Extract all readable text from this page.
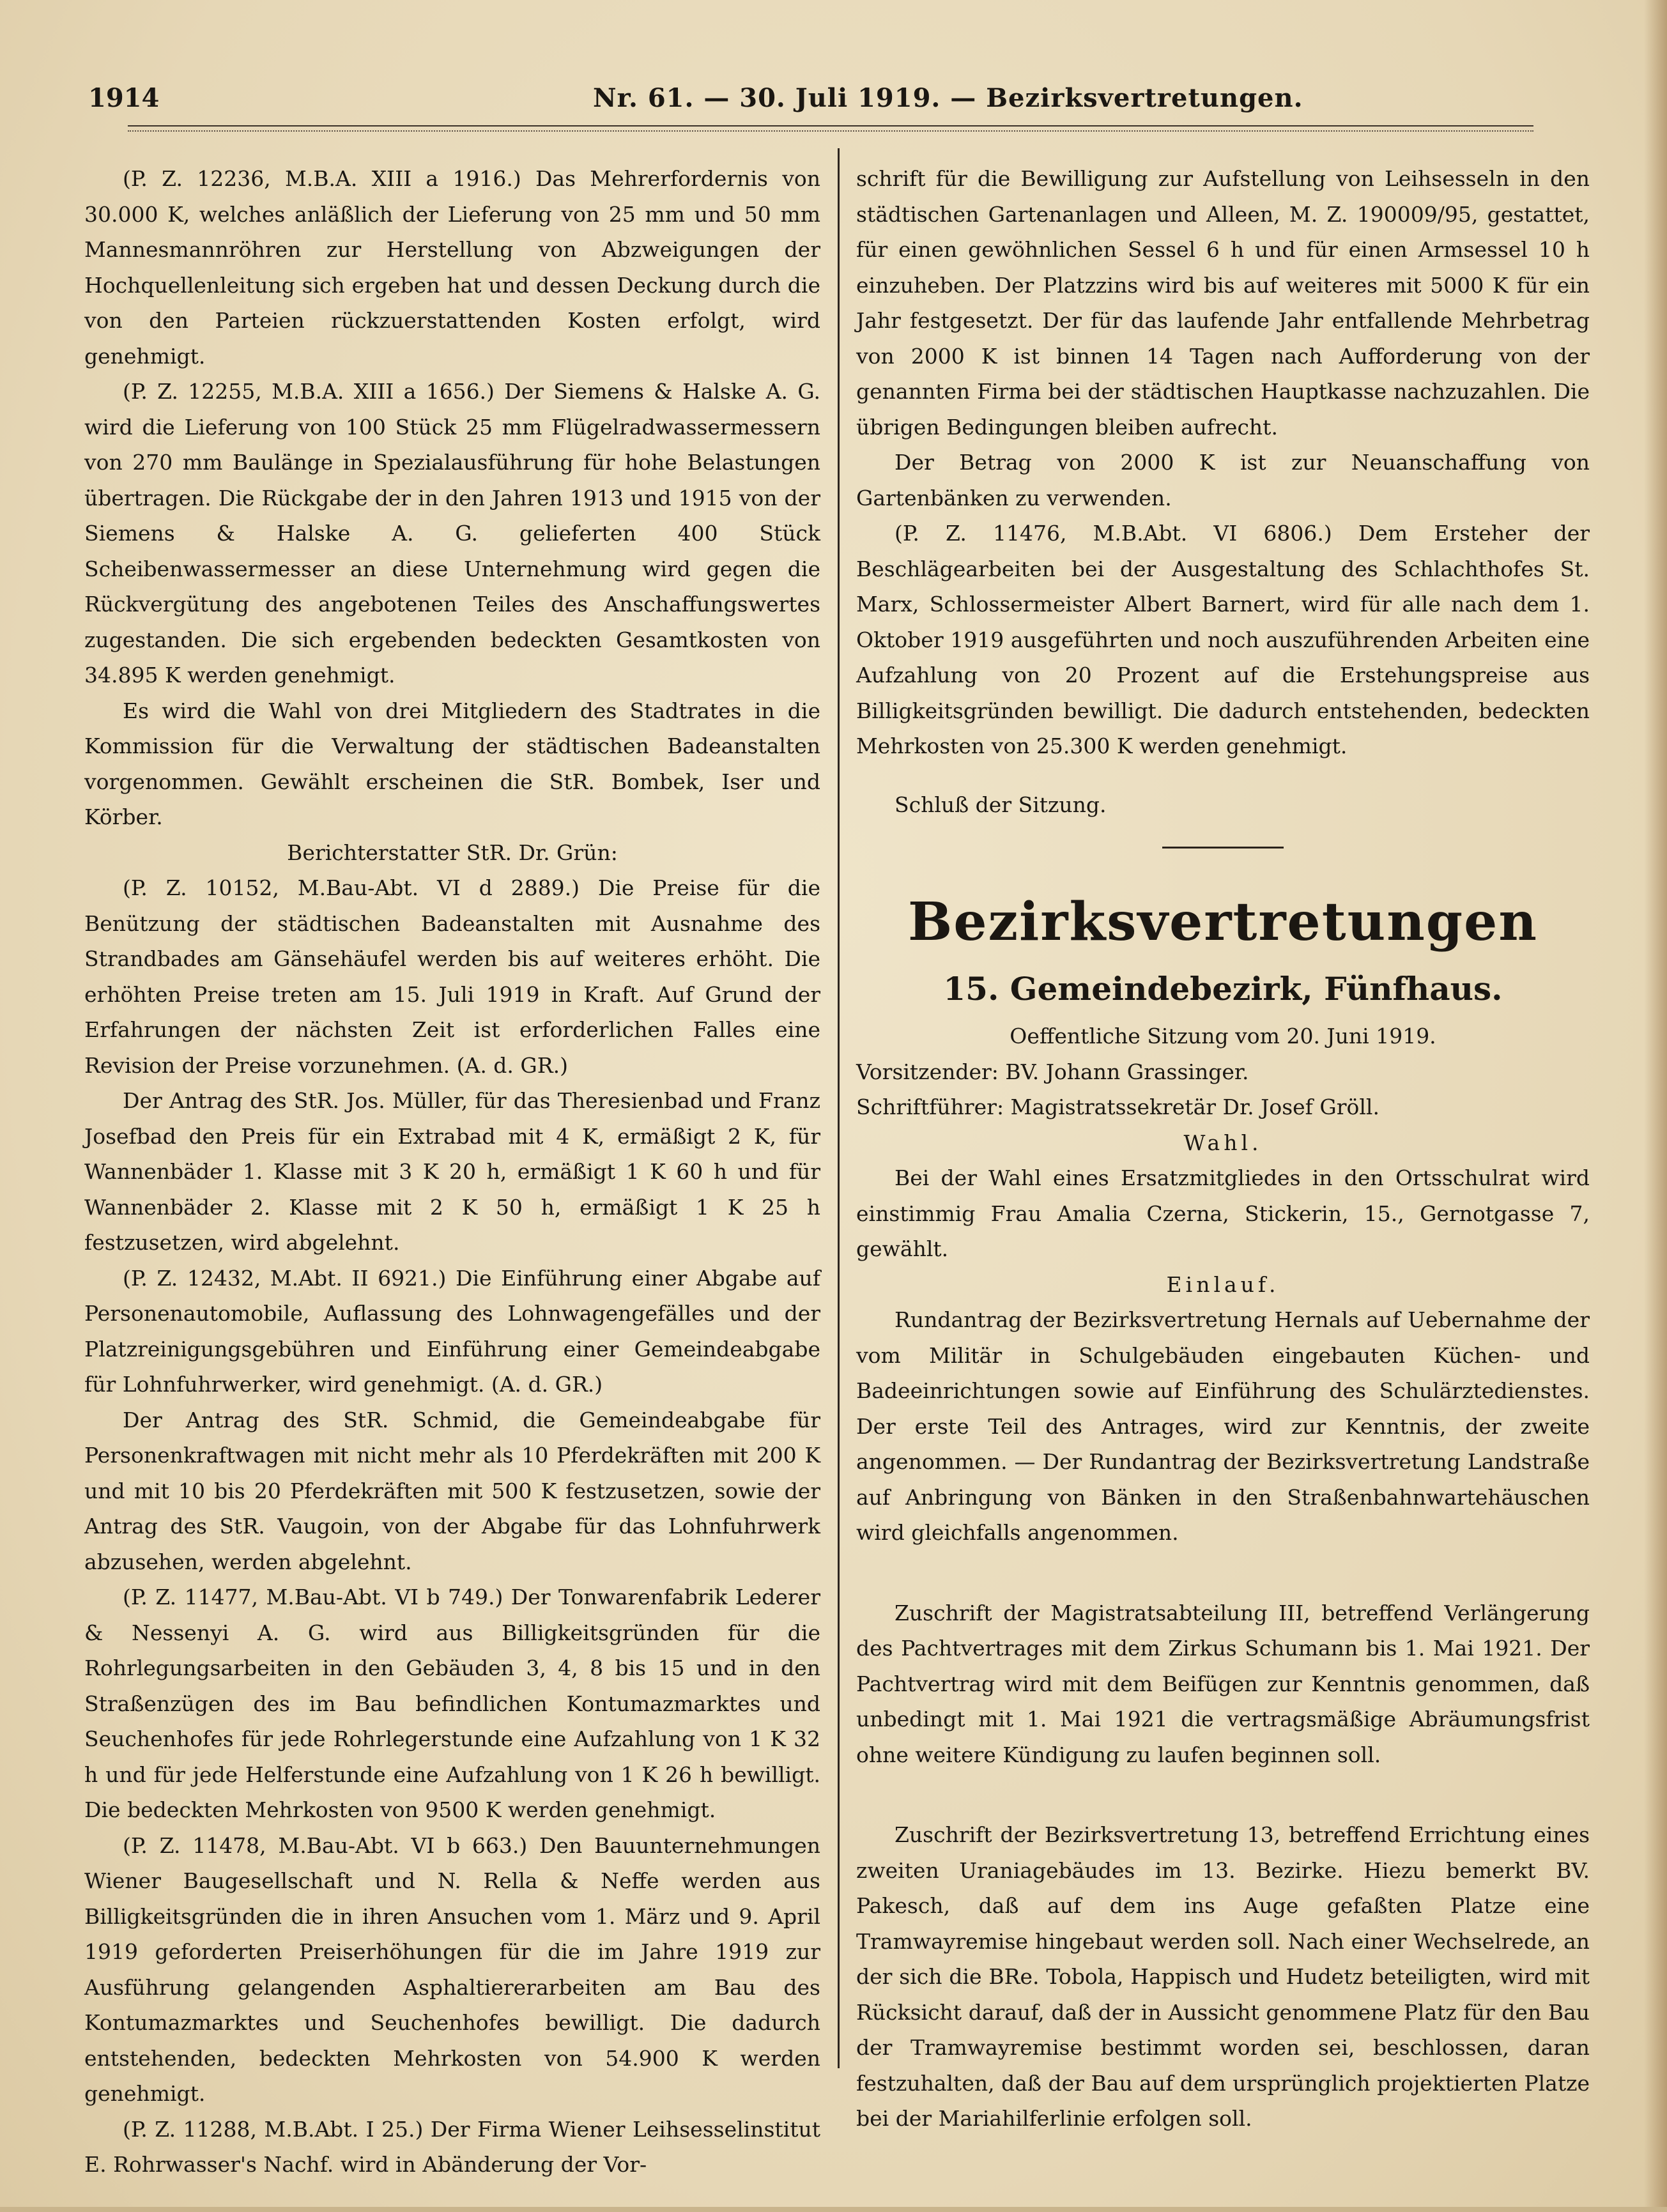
1914	Nr. 61. — 30. Juli 1919. — Bezirksvertretungen.

(P. Z. 12236, M.B.A. XIII a 1916.) Das Mehrerfordernis von 30.000 K, welches anläßlich der Lieferung von 25 mm und 50 mm Mannesmannröhren zur Herstellung von Abzweigungen der Hochquellenleitung sich ergeben hat und dessen Deckung durch die von den Parteien rückzuerstattenden Kosten erfolgt, wird genehmigt.

(P. Z. 12255, M.B.A. XIII a 1656.) Der Siemens & Halske A. G. wird die Lieferung von 100 Stück 25 mm Flügelradwassermessern von 270 mm Baulänge in Spezialausführung für hohe Belastungen übertragen. Die Rückgabe der in den Jahren 1913 und 1915 von der Siemens & Halske A. G. gelieferten 400 Stück Scheibenwassermesser an diese Unternehmung wird gegen die Rückvergütung des angebotenen Teiles des Anschaffungswertes zugestanden. Die sich ergebenden bedeckten Gesamtkosten von 34.895 K werden genehmigt.

Es wird die Wahl von drei Mitgliedern des Stadtrates in die Kommission für die Verwaltung der städtischen Badeanstalten vorgenommen. Gewählt erscheinen die StR. Bombek, Iser und Körber.

Berichterstatter StR. Dr. Grün:

(P. Z. 10152, M.Bau-Abt. VI d 2889.) Die Preise für die Benützung der städtischen Badeanstalten mit Ausnahme des Strandbades am Gänsehäufel werden bis auf weiteres erhöht. Die erhöhten Preise treten am 15. Juli 1919 in Kraft. Auf Grund der Erfahrungen der nächsten Zeit ist erforderlichen Falles eine Revision der Preise vorzunehmen. (A. d. GR.)

Der Antrag des StR. Jos. Müller, für das Theresienbad und Franz Josefbad den Preis für ein Extrabad mit 4 K, ermäßigt 2 K, für Wannenbäder 1. Klasse mit 3 K 20 h, ermäßigt 1 K 60 h und für Wannenbäder 2. Klasse mit 2 K 50 h, ermäßigt 1 K 25 h festzusetzen, wird abgelehnt.

(P. Z. 12432, M.Abt. II 6921.) Die Einführung einer Abgabe auf Personenautomobile, Auflassung des Lohnwagengefälles und der Platzreinigungsgebühren und Einführung einer Gemeindeabgabe für Lohnfuhrwerker, wird genehmigt. (A. d. GR.)

Der Antrag des StR. Schmid, die Gemeindeabgabe für Personenkraftwagen mit nicht mehr als 10 Pferdekräften mit 200 K und mit 10 bis 20 Pferdekräften mit 500 K festzusetzen, sowie der Antrag des StR. Vaugoin, von der Abgabe für das Lohnfuhrwerk abzusehen, werden abgelehnt.

(P. Z. 11477, M.Bau-Abt. VI b 749.) Der Tonwarenfabrik Lederer & Nessenyi A. G. wird aus Billigkeitsgründen für die Rohrlegungsarbeiten in den Gebäuden 3, 4, 8 bis 15 und in den Straßenzügen des im Bau befindlichen Kontumazmarktes und Seuchenhofes für jede Rohrlegerstunde eine Aufzahlung von 1 K 32 h und für jede Helferstunde eine Aufzahlung von 1 K 26 h bewilligt. Die bedeckten Mehrkosten von 9500 K werden genehmigt.

(P. Z. 11478, M.Bau-Abt. VI b 663.) Den Bauunternehmungen Wiener Baugesellschaft und N. Rella & Neffe werden aus Billigkeitsgründen die in ihren Ansuchen vom 1. März und 9. April 1919 geforderten Preiserhöhungen für die im Jahre 1919 zur Ausführung gelangenden Asphaltiererarbeiten am Bau des Kontumazmarktes und Seuchenhofes bewilligt. Die dadurch entstehenden, bedeckten Mehrkosten von 54.900 K werden genehmigt.

(P. Z. 11288, M.B.Abt. I 25.) Der Firma Wiener Leihsesselinstitut E. Rohrwasser's Nachf. wird in Abänderung der Vor-

schrift für die Bewilligung zur Aufstellung von Leihsesseln in den städtischen Gartenanlagen und Alleen, M. Z. 190009/95, gestattet, für einen gewöhnlichen Sessel 6 h und für einen Armsessel 10 h einzuheben. Der Platzzins wird bis auf weiteres mit 5000 K für ein Jahr festgesetzt. Der für das laufende Jahr entfallende Mehrbetrag von 2000 K ist binnen 14 Tagen nach Aufforderung von der genannten Firma bei der städtischen Hauptkasse nachzuzahlen. Die übrigen Bedingungen bleiben aufrecht.

Der Betrag von 2000 K ist zur Neuanschaffung von Gartenbänken zu verwenden.

(P. Z. 11476, M.B.Abt. VI 6806.) Dem Ersteher der Beschlägearbeiten bei der Ausgestaltung des Schlachthofes St. Marx, Schlossermeister Albert Barnert, wird für alle nach dem 1. Oktober 1919 ausgeführten und noch auszuführenden Arbeiten eine Aufzahlung von 20 Prozent auf die Erstehungspreise aus Billigkeitsgründen bewilligt. Die dadurch entstehenden, bedeckten Mehrkosten von 25.300 K werden genehmigt.

Schluß der Sitzung.

Bezirksvertretungen
15. Gemeindebezirk, Fünfhaus.

Oeffentliche Sitzung vom 20. Juni 1919.

Vorsitzender: BV. Johann Grassinger.

Schriftführer: Magistratssekretär Dr. Josef Gröll.

Wahl.

Bei der Wahl eines Ersatzmitgliedes in den Ortsschulrat wird einstimmig Frau Amalia Czerna, Stickerin, 15., Gernotgasse 7, gewählt.

Einlauf.

Rundantrag der Bezirksvertretung Hernals auf Uebernahme der vom Militär in Schulgebäuden eingebauten Küchen- und Badeeinrichtungen sowie auf Einführung des Schulärztedienstes. Der erste Teil des Antrages, wird zur Kenntnis, der zweite angenommen. — Der Rundantrag der Bezirksvertretung Landstraße auf Anbringung von Bänken in den Straßenbahnwartehäuschen wird gleichfalls angenommen.

Zuschrift der Magistratsabteilung III, betreffend Verlängerung des Pachtvertrages mit dem Zirkus Schumann bis 1. Mai 1921. Der Pachtvertrag wird mit dem Beifügen zur Kenntnis genommen, daß unbedingt mit 1. Mai 1921 die vertragsmäßige Abräumungsfrist ohne weitere Kündigung zu laufen beginnen soll.

Zuschrift der Bezirksvertretung 13, betreffend Errichtung eines zweiten Uraniagebäudes im 13. Bezirke. Hiezu bemerkt BV. Pakesch, daß auf dem ins Auge gefaßten Platze eine Tramwayremise hingebaut werden soll. Nach einer Wechselrede, an der sich die BRe. Tobola, Happisch und Hudetz beteiligten, wird mit Rücksicht darauf, daß der in Aussicht genommene Platz für den Bau der Tramwayremise bestimmt worden sei, beschlossen, daran festzuhalten, daß der Bau auf dem ursprünglich projektierten Platze bei der Mariahilferlinie erfolgen soll.
